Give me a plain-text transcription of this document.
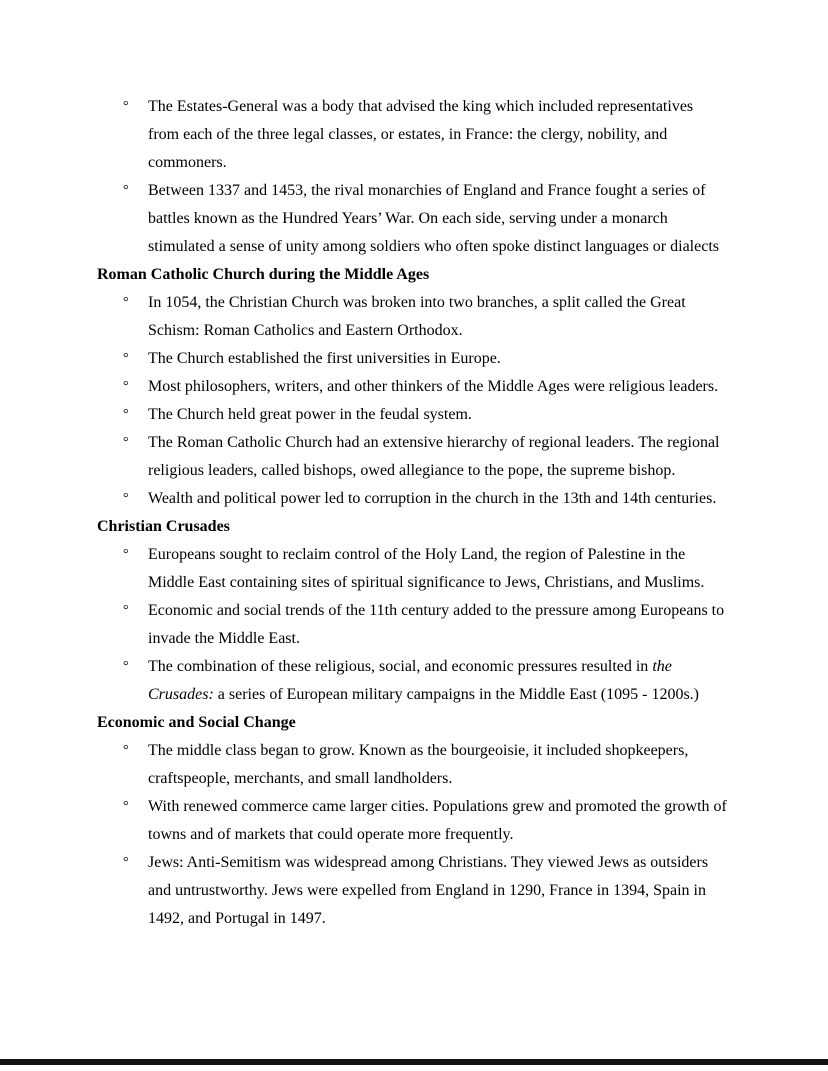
°	The Estates-General was a body that advised the king which included representatives from each of the three legal classes, or estates, in France: the clergy, nobility, and commoners.
°	Between 1337 and 1453, the rival monarchies of England and France fought a series of battles known as the Hundred Years’ War. On each side, serving under a monarch stimulated a sense of unity among soldiers who often spoke distinct languages or dialects
Roman Catholic Church during the Middle Ages
°	In 1054, the Christian Church was broken into two branches, a split called the Great Schism: Roman Catholics and Eastern Orthodox.
°	The Church established the first universities in Europe.
°	Most philosophers, writers, and other thinkers of the Middle Ages were religious leaders.
°	The Church held great power in the feudal system.
°	The Roman Catholic Church had an extensive hierarchy of regional leaders. The regional religious leaders, called bishops, owed allegiance to the pope, the supreme bishop.
°	Wealth and political power led to corruption in the church in the 13th and 14th centuries.
Christian Crusades
°	Europeans sought to reclaim control of the Holy Land, the region of Palestine in the Middle East containing sites of spiritual significance to Jews, Christians, and Muslims.
°	Economic and social trends of the 11th century added to the pressure among Europeans to invade the Middle East.
°	The combination of these religious, social, and economic pressures resulted in the Crusades: a series of European military campaigns in the Middle East (1095 - 1200s.)
Economic and Social Change
°	The middle class began to grow. Known as the bourgeoisie, it included shopkeepers, craftspeople, merchants, and small landholders.
°	With renewed commerce came larger cities. Populations grew and promoted the growth of towns and of markets that could operate more frequently.
°	Jews: Anti-Semitism was widespread among Christians. They viewed Jews as outsiders and untrustworthy. Jews were expelled from England in 1290, France in 1394, Spain in 1492, and Portugal in 1497.
